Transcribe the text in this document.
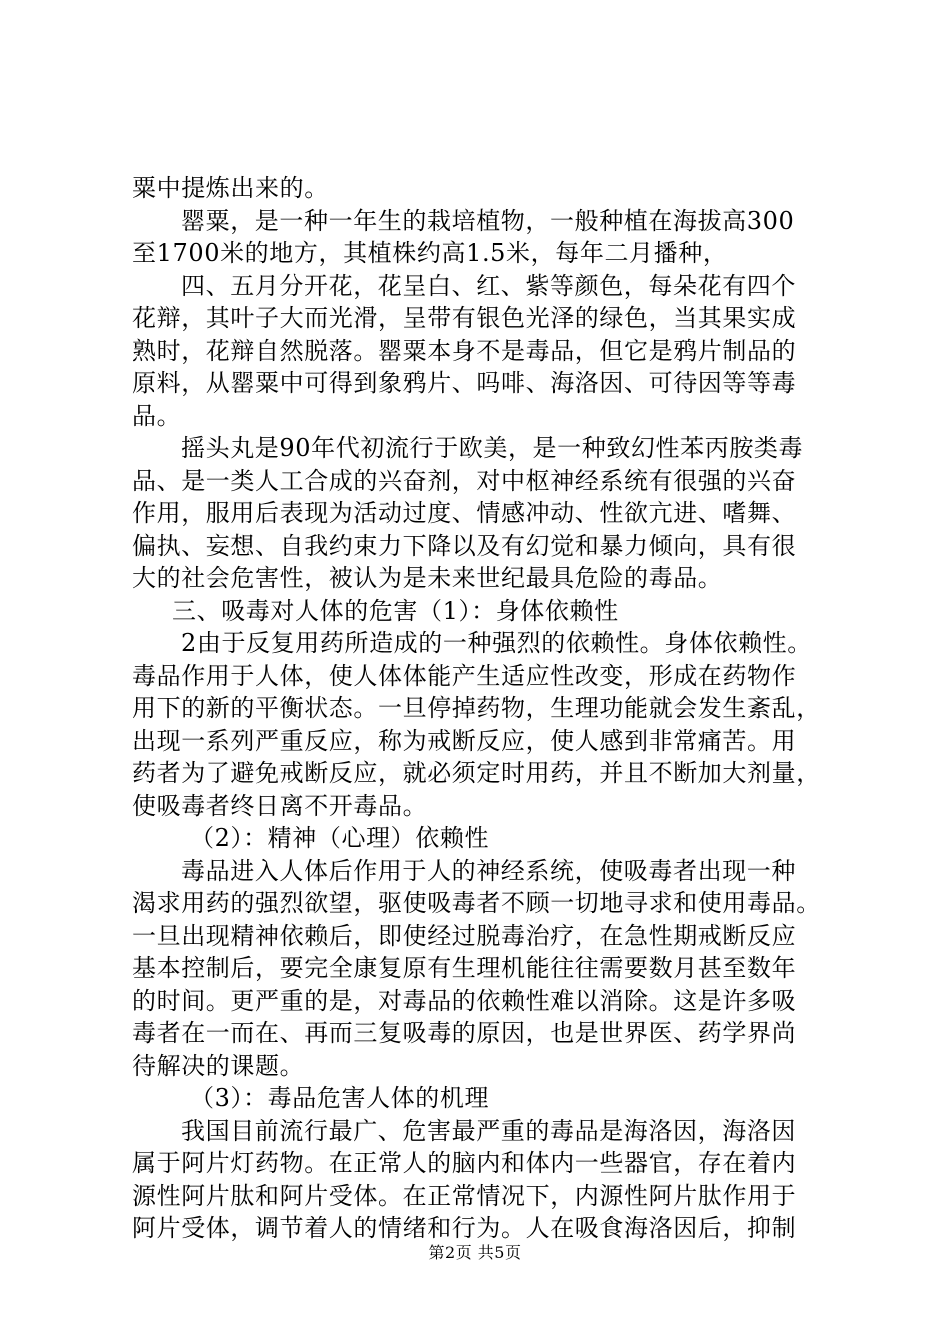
粟中提炼出来的。
罂粟，是一种一年生的栽培植物，一般种植在海拔高300
至1700米的地方，其植株约高1.5米，每年二月播种，
四、五月分开花，花呈白、红、紫等颜色，每朵花有四个
花辩，其叶子大而光滑，呈带有银色光泽的绿色，当其果实成
熟时，花辩自然脱落。罂粟本身不是毒品，但它是鸦片制品的
原料，从罂粟中可得到象鸦片、吗啡、海洛因、可待因等等毒
品。
摇头丸是90年代初流行于欧美，是一种致幻性苯丙胺类毒
品、是一类人工合成的兴奋剂，对中枢神经系统有很强的兴奋
作用，服用后表现为活动过度、情感冲动、性欲亢进、嗜舞、
偏执、妄想、自我约束力下降以及有幻觉和暴力倾向，具有很
大的社会危害性，被认为是未来世纪最具危险的毒品。
三、吸毒对人体的危害（1）：身体依赖性
2由于反复用药所造成的一种强烈的依赖性。身体依赖性。
毒品作用于人体，使人体体能产生适应性改变，形成在药物作
用下的新的平衡状态。一旦停掉药物，生理功能就会发生紊乱，
出现一系列严重反应，称为戒断反应，使人感到非常痛苦。用
药者为了避免戒断反应，就必须定时用药，并且不断加大剂量，
使吸毒者终日离不开毒品。
（2）：精神（心理）依赖性
毒品进入人体后作用于人的神经系统，使吸毒者出现一种
渴求用药的强烈欲望，驱使吸毒者不顾一切地寻求和使用毒品。
一旦出现精神依赖后，即使经过脱毒治疗，在急性期戒断反应
基本控制后，要完全康复原有生理机能往往需要数月甚至数年
的时间。更严重的是，对毒品的依赖性难以消除。这是许多吸
毒者在一而在、再而三复吸毒的原因，也是世界医、药学界尚
待解决的课题。
（3）：毒品危害人体的机理
我国目前流行最广、危害最严重的毒品是海洛因，海洛因
属于阿片灯药物。在正常人的脑内和体内一些器官，存在着内
源性阿片肽和阿片受体。在正常情况下，内源性阿片肽作用于
阿片受体，调节着人的情绪和行为。人在吸食海洛因后，抑制
第2页 共5页
